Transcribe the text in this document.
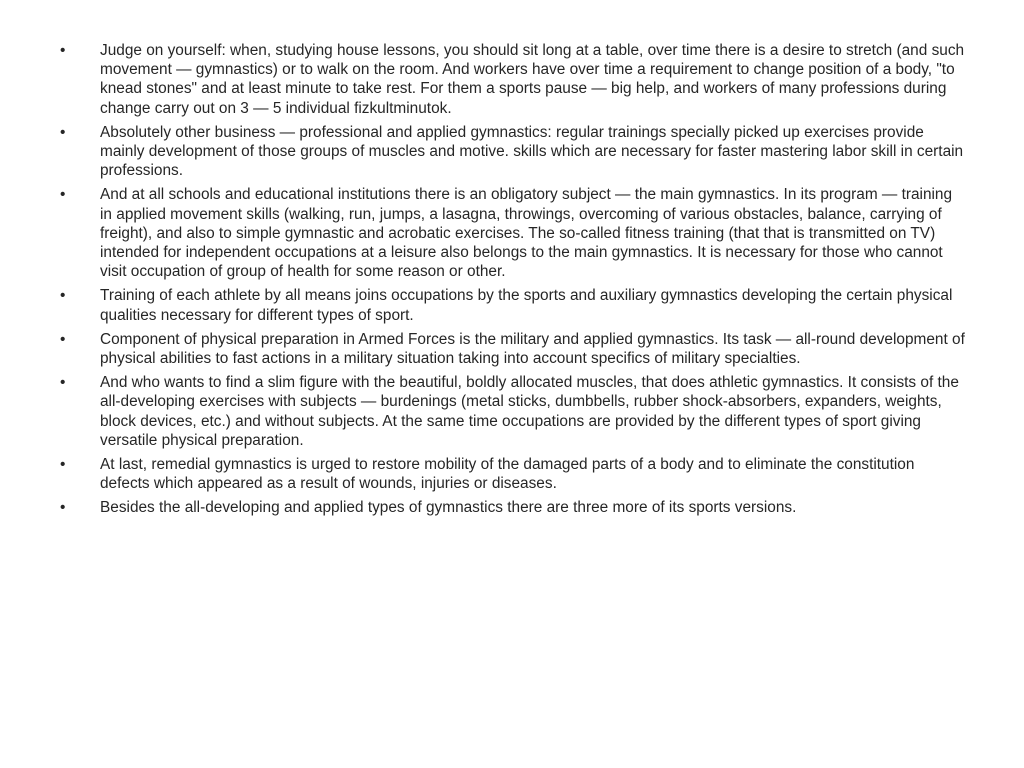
• Judge on yourself: when, studying house lessons, you should sit long at a table, over time there is a desire to stretch (and such movement — gymnastics) or to walk on the room. And workers have over time a requirement to change position of a body, "to knead stones" and at least minute to take rest. For them a sports pause — big help, and workers of many professions during change carry out on 3 — 5 individual fizkultminutok.
• Absolutely other business — professional and applied gymnastics: regular trainings specially picked up exercises provide mainly development of those groups of muscles and motive. skills which are necessary for faster mastering labor skill in certain professions.
• And at all schools and educational institutions there is an obligatory subject — the main gymnastics. In its program — training in applied movement skills (walking, run, jumps, a lasagna, throwings, overcoming of various obstacles, balance, carrying of freight), and also to simple gymnastic and acrobatic exercises. The so-called fitness training (that that is transmitted on TV) intended for independent occupations at a leisure also belongs to the main gymnastics. It is necessary for those who cannot visit occupation of group of health for some reason or other.
• Training of each athlete by all means joins occupations by the sports and auxiliary gymnastics developing the certain physical qualities necessary for different types of sport.
• Component of physical preparation in Armed Forces is the military and applied gymnastics. Its task — all-round development of physical abilities to fast actions in a military situation taking into account specifics of military specialties.
• And who wants to find a slim figure with the beautiful, boldly allocated muscles, that does athletic gymnastics. It consists of the all-developing exercises with subjects — burdenings (metal sticks, dumbbells, rubber shock-absorbers, expanders, weights, block devices, etc.) and without subjects. At the same time occupations are provided by the different types of sport giving versatile physical preparation.
• At last, remedial gymnastics is urged to restore mobility of the damaged parts of a body and to eliminate the constitution defects which appeared as a result of wounds, injuries or diseases.
• Besides the all-developing and applied types of gymnastics there are three more of its sports versions.
